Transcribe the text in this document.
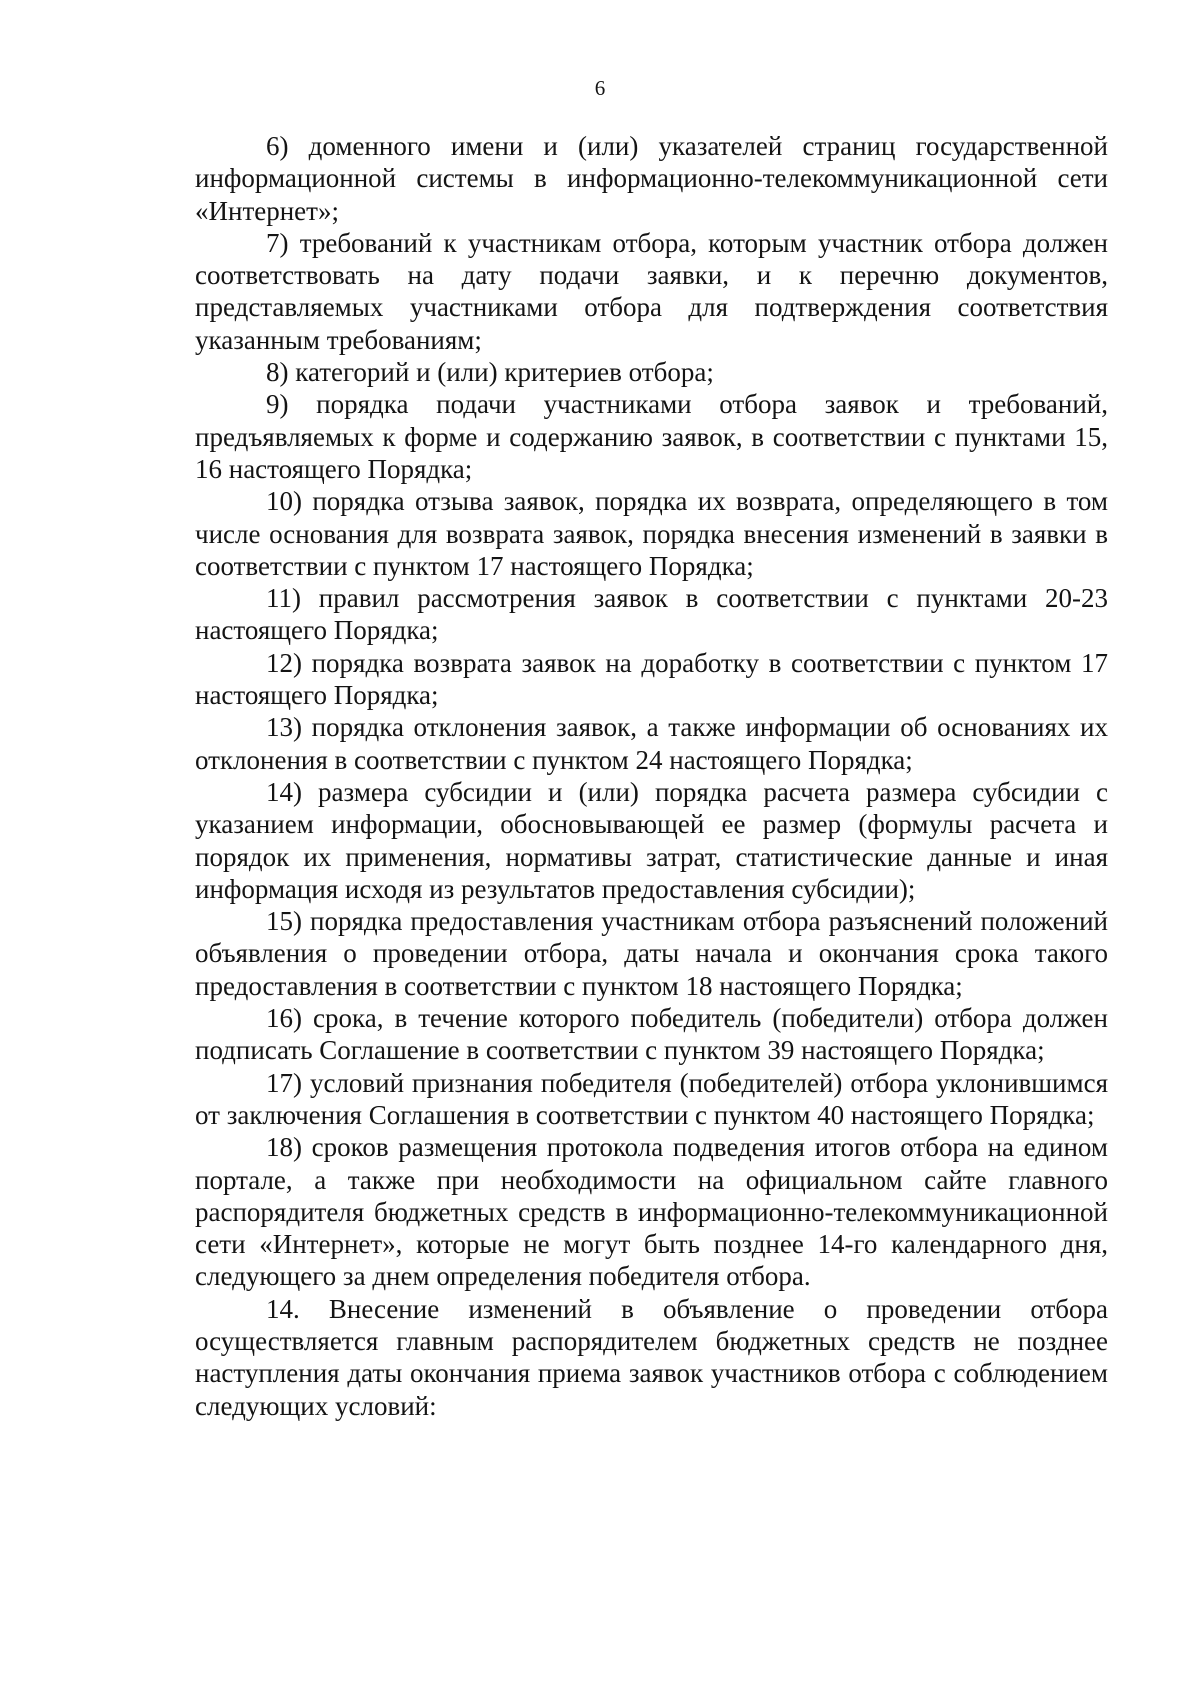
6

6) доменного имени и (или) указателей страниц государственной информационной системы в информационно-телекоммуникационной сети «Интернет»;

7) требований к участникам отбора, которым участник отбора должен соответствовать на дату подачи заявки, и к перечню документов, представляемых участниками отбора для подтверждения соответствия указанным требованиям;

8) категорий и (или) критериев отбора;

9) порядка подачи участниками отбора заявок и требований, предъявляемых к форме и содержанию заявок, в соответствии с пунктами 15, 16 настоящего Порядка;

10) порядка отзыва заявок, порядка их возврата, определяющего в том числе основания для возврата заявок, порядка внесения изменений в заявки в соответствии с пунктом 17 настоящего Порядка;

11) правил рассмотрения заявок в соответствии с пунктами 20-23 настоящего Порядка;

12) порядка возврата заявок на доработку в соответствии с пунктом 17 настоящего Порядка;

13) порядка отклонения заявок, а также информации об основаниях их отклонения в соответствии с пунктом 24 настоящего Порядка;

14) размера субсидии и (или) порядка расчета размера субсидии с указанием информации, обосновывающей ее размер (формулы расчета и порядок их применения, нормативы затрат, статистические данные и иная информация исходя из результатов предоставления субсидии);

15) порядка предоставления участникам отбора разъяснений положений объявления о проведении отбора, даты начала и окончания срока такого предоставления в соответствии с пунктом 18 настоящего Порядка;

16) срока, в течение которого победитель (победители) отбора должен подписать Соглашение в соответствии с пунктом 39 настоящего Порядка;

17) условий признания победителя (победителей) отбора уклонившимся от заключения Соглашения в соответствии с пунктом 40 настоящего Порядка;

18) сроков размещения протокола подведения итогов отбора на едином портале, а также при необходимости на официальном сайте главного распорядителя бюджетных средств в информационно-телекоммуникационной сети «Интернет», которые не могут быть позднее 14-го календарного дня, следующего за днем определения победителя отбора.

14. Внесение изменений в объявление о проведении отбора осуществляется главным распорядителем бюджетных средств не позднее наступления даты окончания приема заявок участников отбора с соблюдением следующих условий:
